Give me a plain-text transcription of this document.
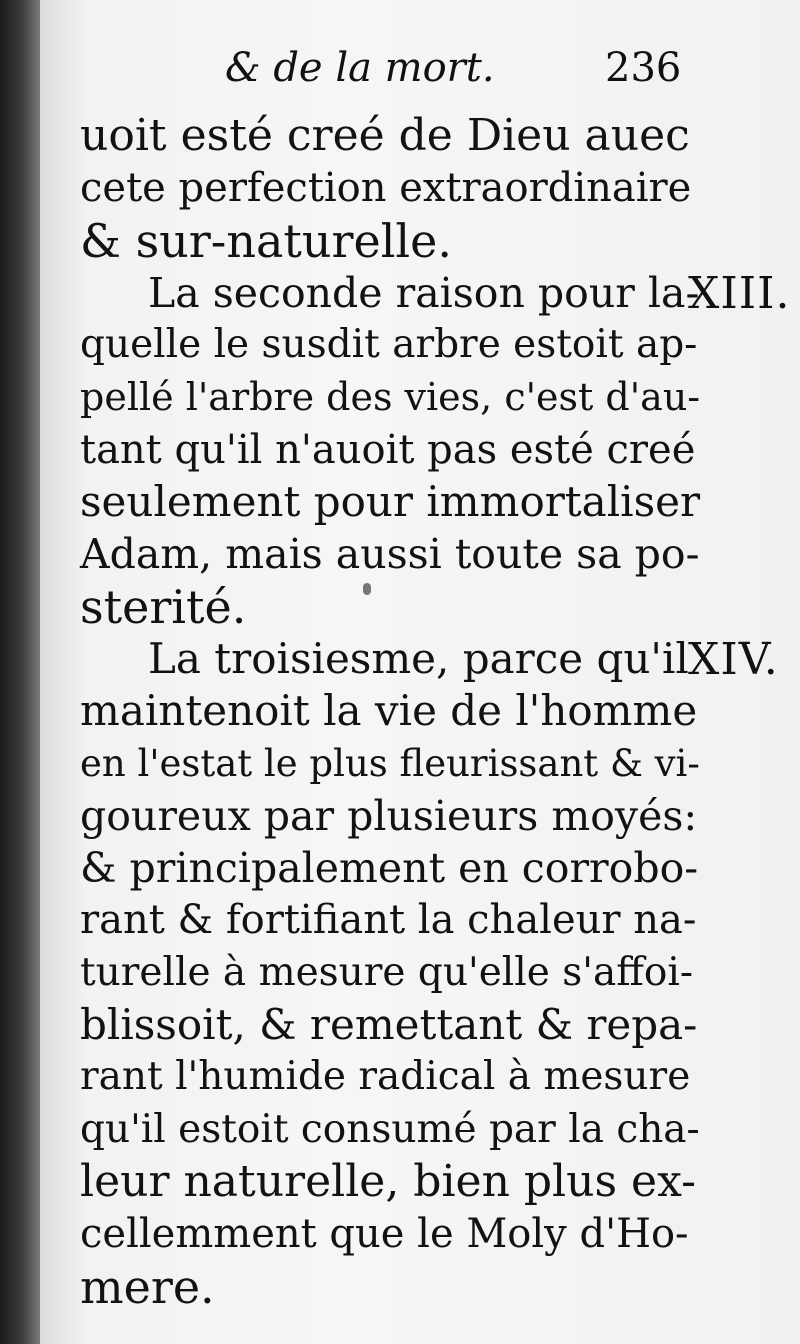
& de la mort.	236
uoit esté creé de Dieu auec
cete perfection extraordinaire
& sur-naturelle.
La seconde raison pour la-
quelle le susdit arbre estoit ap-
pellé l'arbre des vies, c'est d'au-
tant qu'il n'auoit pas esté creé
seulement pour immortaliser
Adam, mais aussi toute sa po-
sterité.
La troisiesme, parce qu'il
maintenoit la vie de l'homme
en l'estat le plus fleurissant & vi-
goureux par plusieurs moyés:
& principalement en corrobo-
rant & fortifiant la chaleur na-
turelle à mesure qu'elle s'affoi-
blissoit, & remettant & repa-
rant l'humide radical à mesure
qu'il estoit consumé par la cha-
leur naturelle, bien plus ex-
cellemment que le Moly d'Ho-
mere.
XIII.
XIV.
